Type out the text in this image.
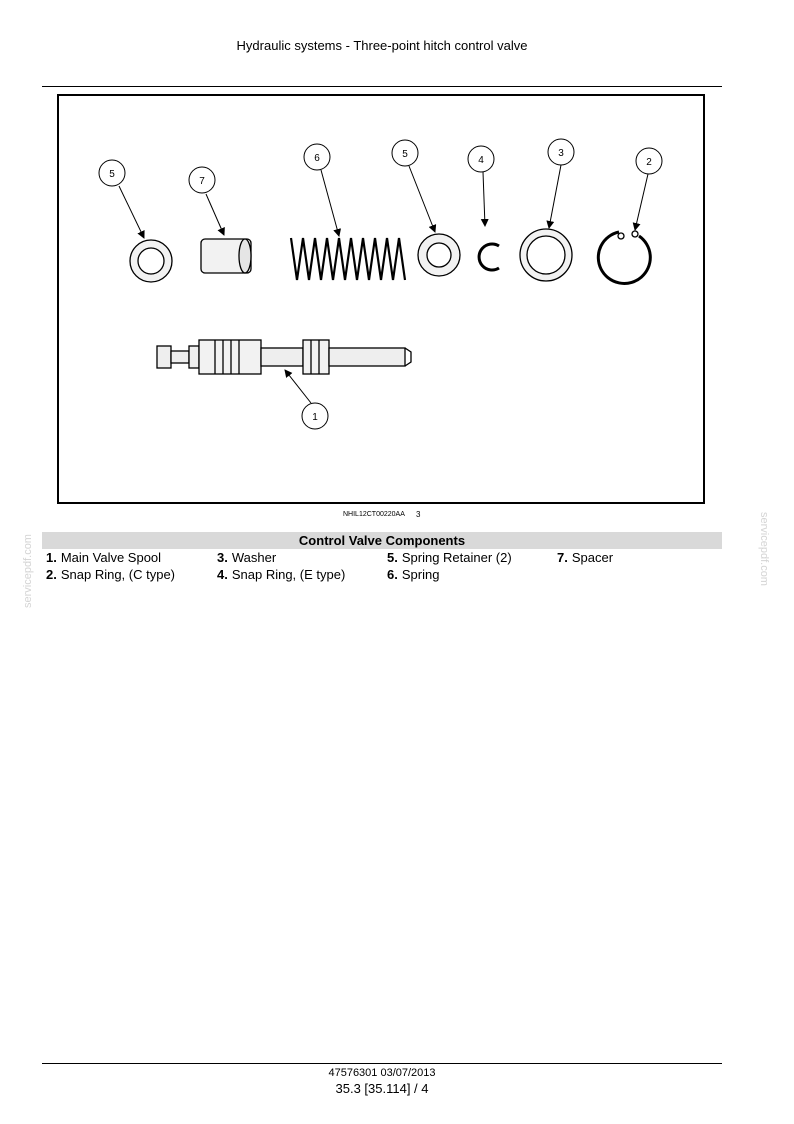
Hydraulic systems - Three-point hitch control valve
5
7
6	5
4
3
2
1
NHIL12CT00220AA 3
servicepdf.com	servicepdf.com
Control Valve Components
1. Main Valve Spool
2. Snap Ring, (C type)
3. Washer
4. Snap Ring, (E type)
5. Spring Retainer (2)
6. Spring
7. Spacer
47576301 03/07/2013
35.3 [35.114] / 4
